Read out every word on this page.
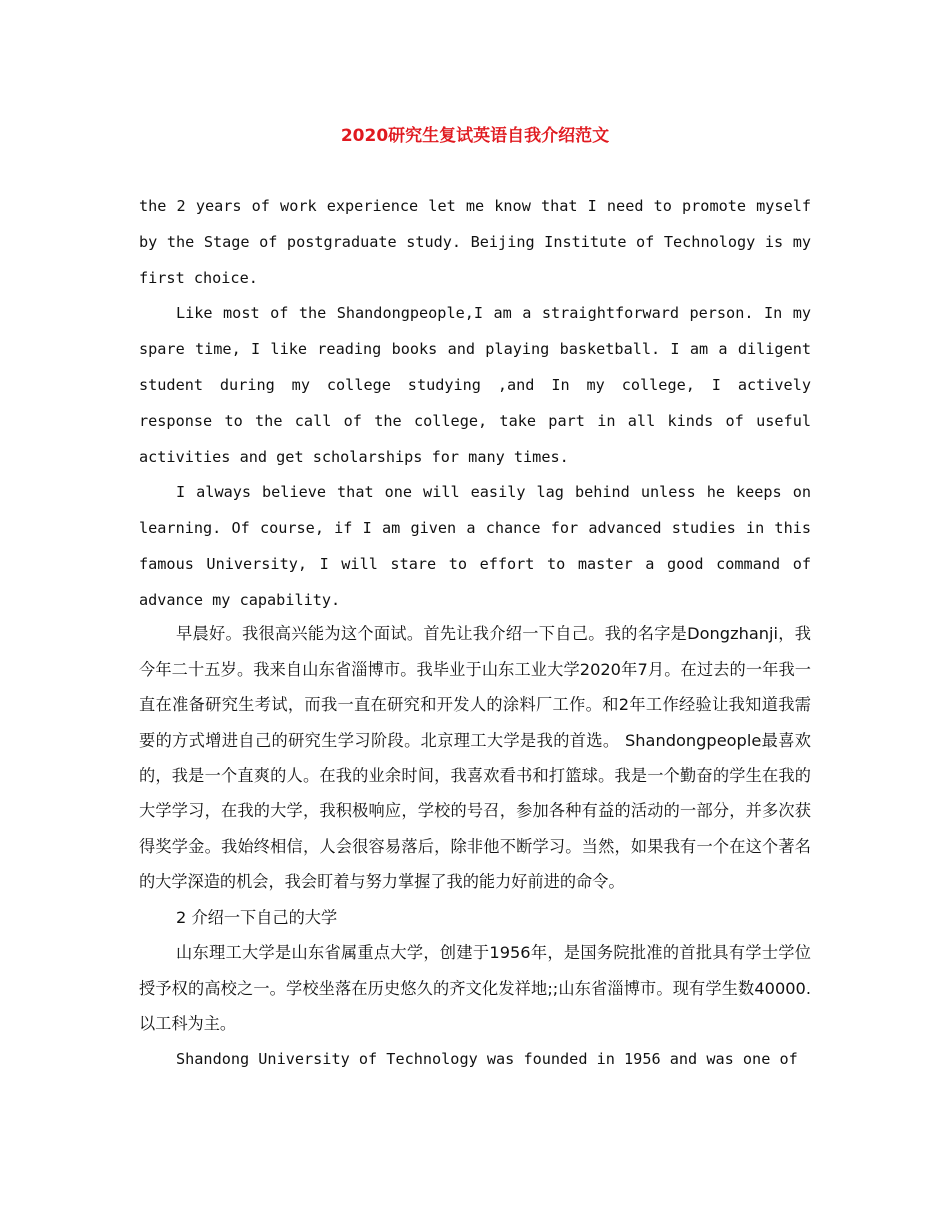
2020研究生复试英语自我介绍范文

the 2 years of work experience let me know that I need to promote myself by the Stage of postgraduate study. Beijing Institute of Technology is my first choice.

Like most of the Shandongpeople,I am a straightforward person. In my spare time, I like reading books and playing basketball. I am a diligent student during my college studying ,and In my college, I actively response to the call of the college, take part in all kinds of useful activities and get scholarships for many times.

I always believe that one will easily lag behind unless he keeps on learning. Of course, if I am given a chance for advanced studies in this famous University, I will stare to effort to master a good command of advance my capability.

早晨好。我很高兴能为这个面试。首先让我介绍一下自己。我的名字是Dongzhanji，我今年二十五岁。我来自山东省淄博市。我毕业于山东工业大学2020年7月。在过去的一年我一直在准备研究生考试，而我一直在研究和开发人的涂料厂工作。和2年工作经验让我知道我需要的方式增进自己的研究生学习阶段。北京理工大学是我的首选。 Shandongpeople最喜欢的，我是一个直爽的人。在我的业余时间，我喜欢看书和打篮球。我是一个勤奋的学生在我的大学学习，在我的大学，我积极响应，学校的号召，参加各种有益的活动的一部分，并多次获得奖学金。我始终相信，人会很容易落后，除非他不断学习。当然，如果我有一个在这个著名的大学深造的机会，我会盯着与努力掌握了我的能力好前进的命令。

2 介绍一下自己的大学

山东理工大学是山东省属重点大学，创建于1956年，是国务院批准的首批具有学士学位授予权的高校之一。学校坐落在历史悠久的齐文化发祥地;;山东省淄博市。现有学生数40000. 以工科为主。

Shandong University of Technology was founded in 1956 and was one of
